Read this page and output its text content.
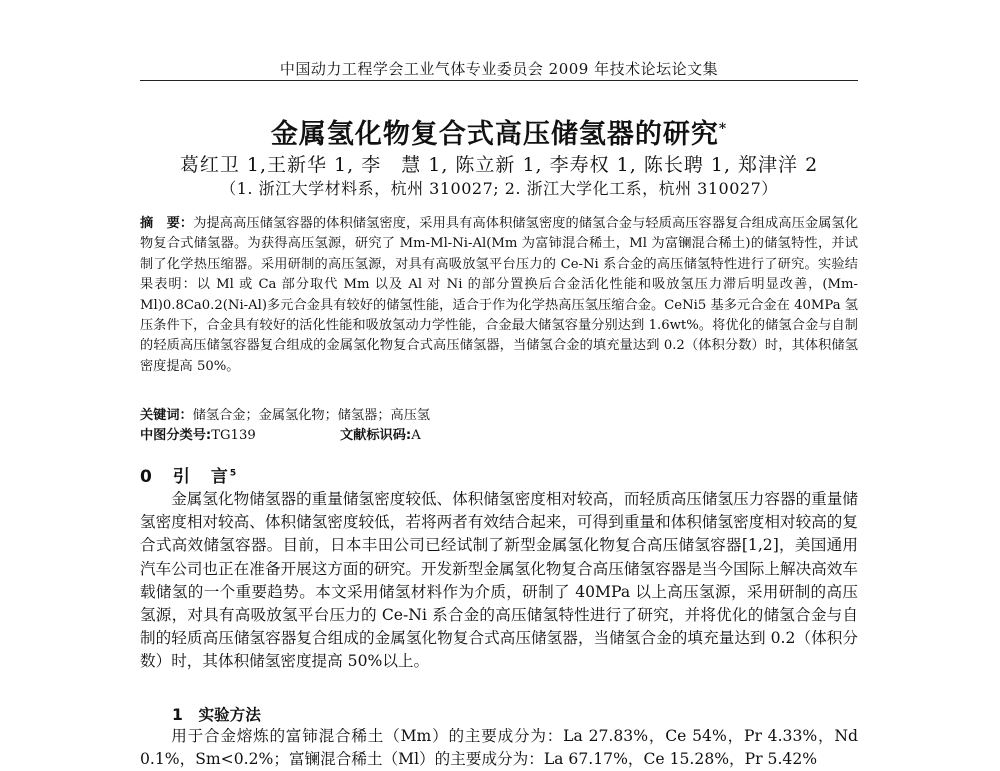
中国动力工程学会工业气体专业委员会 2009 年技术论坛论文集
金属氢化物复合式高压储氢器的研究*
葛红卫 1,王新华 1, 李　慧 1, 陈立新 1, 李寿权 1, 陈长聘 1, 郑津洋 2
（1. 浙江大学材料系，杭州 310027; 2. 浙江大学化工系，杭州 310027）
摘　要：为提高高压储氢容器的体积储氢密度，采用具有高体积储氢密度的储氢合金与轻质高压容器复合组成高压金属氢化物复合式储氢器。为获得高压氢源，研究了 Mm-Ml-Ni-Al(Mm 为富铈混合稀土，Ml 为富镧混合稀土)的储氢特性，并试制了化学热压缩器。采用研制的高压氢源，对具有高吸放氢平台压力的 Ce-Ni 系合金的高压储氢特性进行了研究。实验结果表明：以 Ml 或 Ca 部分取代 Mm 以及 Al 对 Ni 的部分置换后合金活化性能和吸放氢压力滞后明显改善，(Mm-Ml)0.8Ca0.2(Ni-Al)多元合金具有较好的储氢性能，适合于作为化学热高压氢压缩合金。CeNi5 基多元合金在 40MPa 氢压条件下，合金具有较好的活化性能和吸放氢动力学性能，合金最大储氢容量分别达到 1.6wt%。将优化的储氢合金与自制的轻质高压储氢容器复合组成的金属氢化物复合式高压储氢器，当储氢合金的填充量达到 0.2（体积分数）时，其体积储氢密度提高 50%。
关键词：储氢合金；金属氢化物；储氢器；高压氢
中图分类号:TG139	文献标识码:A
0　引　言$^5$

金属氢化物储氢器的重量储氢密度较低、体积储氢密度相对较高，而轻质高压储氢压力容器的重量储氢密度相对较高、体积储氢密度较低，若将两者有效结合起来，可得到重量和体积储氢密度相对较高的复合式高效储氢容器。目前，日本丰田公司已经试制了新型金属氢化物复合高压储氢容器[1,2]，美国通用汽车公司也正在准备开展这方面的研究。开发新型金属氢化物复合高压储氢容器是当今国际上解决高效车载储氢的一个重要趋势。本文采用储氢材料作为介质，研制了 40MPa 以上高压氢源，采用研制的高压氢源，对具有高吸放氢平台压力的 Ce-Ni 系合金的高压储氢特性进行了研究，并将优化的储氢合金与自制的轻质高压储氢容器复合组成的金属氢化物复合式高压储氢器，当储氢合金的填充量达到 0.2（体积分数）时，其体积储氢密度提高 50%以上。

1　实验方法

用于合金熔炼的富铈混合稀土（Mm）的主要成分为：La 27.83%，Ce 54%，Pr 4.33%，Nd 0.1%，Sm<0.2%；富镧混合稀土（Ml）的主要成分为：La 67.17%，Ce 15.28%，Pr 5.42%
